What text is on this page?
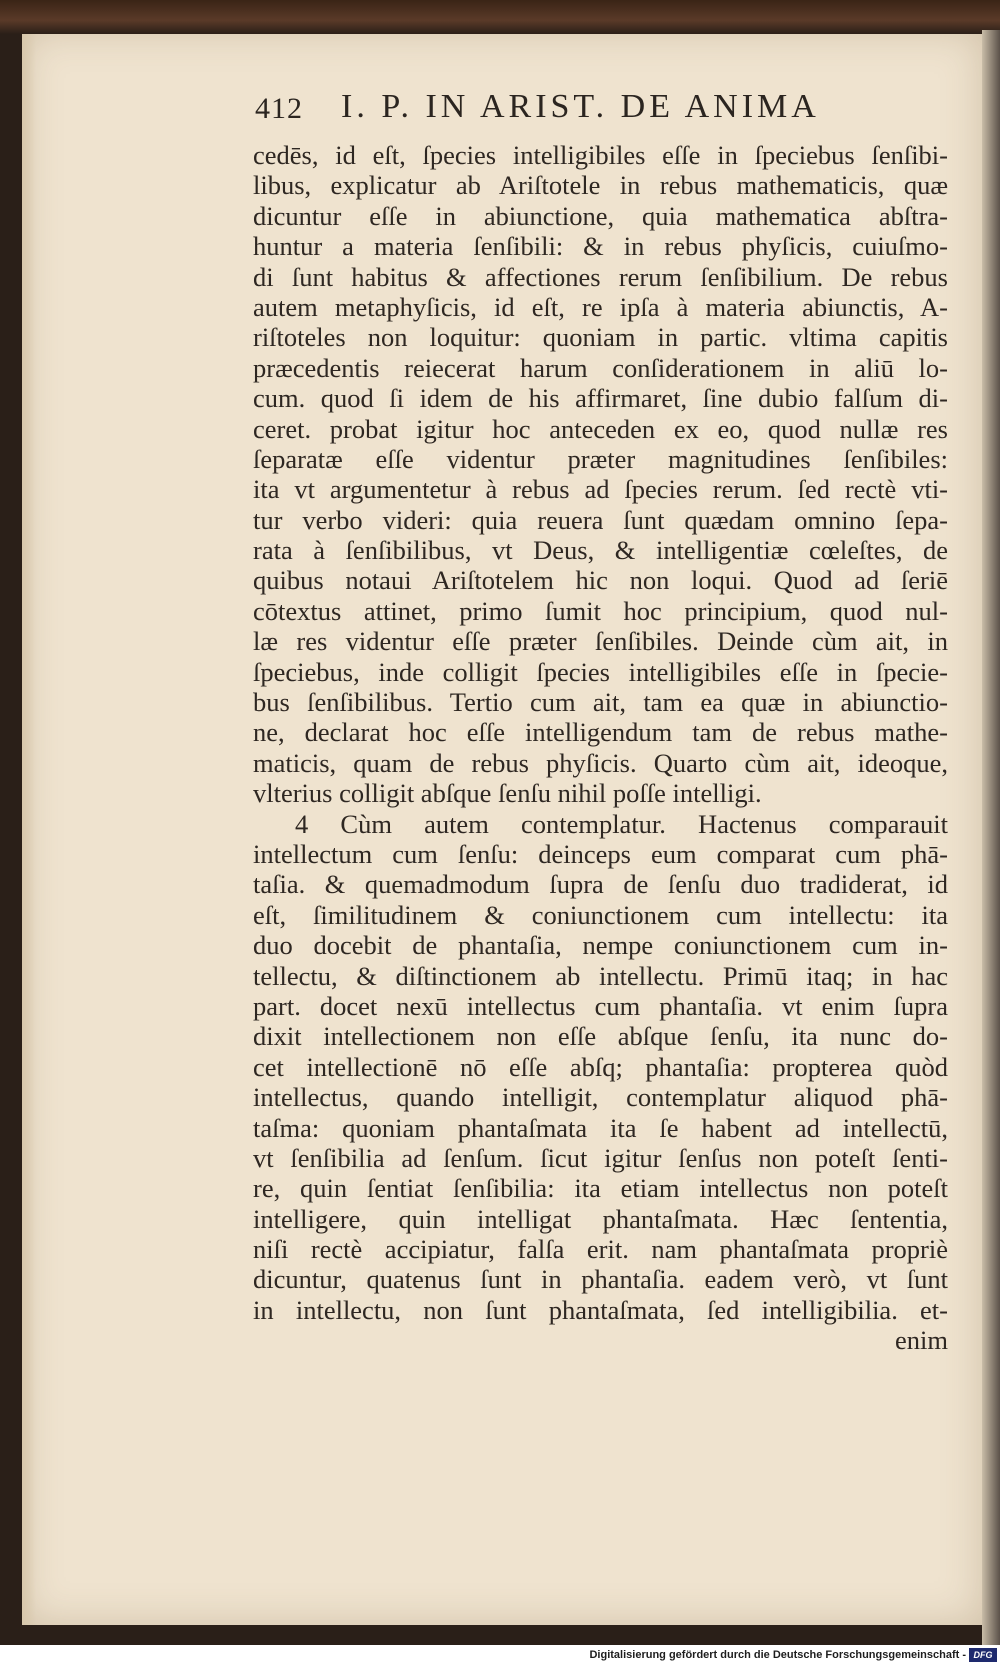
412 I. P. IN ARIST. DE ANIMA
cedēs, id eſt, ſpecies intelligibiles eſſe in ſpeciebus ſenſibi-
libus, explicatur ab Ariſtotele in rebus mathematicis, quæ
dicuntur eſſe in abiunctione, quia mathematica abſtra-
huntur a materia ſenſibili: & in rebus phyſicis, cuiuſmo-
di ſunt habitus & affectiones rerum ſenſibilium. De rebus
autem metaphyſicis, id eſt, re ipſa à materia abiunctis, A-
riſtoteles non loquitur: quoniam in partic. vltima capitis
præcedentis reiecerat harum conſiderationem in aliū lo-
cum. quod ſi idem de his affirmaret, ſine dubio falſum di-
ceret. probat igitur hoc anteceden ex eo, quod nullæ res
ſeparatæ eſſe videntur præter magnitudines ſenſibiles:
ita vt argumentetur à rebus ad ſpecies rerum. ſed rectè vti-
tur verbo videri: quia reuera ſunt quædam omnino ſepa-
rata à ſenſibilibus, vt Deus, & intelligentiæ cœleſtes, de
quibus notaui Ariſtotelem hic non loqui. Quod ad ſeriē
cōtextus attinet, primo ſumit hoc principium, quod nul-
læ res videntur eſſe præter ſenſibiles. Deinde cùm ait, in
ſpeciebus, inde colligit ſpecies intelligibiles eſſe in ſpecie-
bus ſenſibilibus. Tertio cum ait, tam ea quæ in abiunctio-
ne, declarat hoc eſſe intelligendum tam de rebus mathe-
maticis, quam de rebus phyſicis. Quarto cùm ait, ideoque,
vlterius colligit abſque ſenſu nihil poſſe intelligi.
4 Cùm autem contemplatur. Hactenus comparauit
intellectum cum ſenſu: deinceps eum comparat cum phā-
taſia. & quemadmodum ſupra de ſenſu duo tradiderat, id
eſt, ſimilitudinem & coniunctionem cum intellectu: ita
duo docebit de phantaſia, nempe coniunctionem cum in-
tellectu, & diſtinctionem ab intellectu. Primū itaq; in hac
part. docet nexū intellectus cum phantaſia. vt enim ſupra
dixit intellectionem non eſſe abſque ſenſu, ita nunc do-
cet intellectionē nō eſſe abſq; phantaſia: propterea quòd
intellectus, quando intelligit, contemplatur aliquod phā-
taſma: quoniam phantaſmata ita ſe habent ad intellectū,
vt ſenſibilia ad ſenſum. ſicut igitur ſenſus non poteſt ſenti-
re, quin ſentiat ſenſibilia: ita etiam intellectus non poteſt
intelligere, quin intelligat phantaſmata. Hæc ſententia,
niſi rectè accipiatur, falſa erit. nam phantaſmata propriè
dicuntur, quatenus ſunt in phantaſia. eadem verò, vt ſunt
in intellectu, non ſunt phantaſmata, ſed intelligibilia. et-
enim
Digitalisierung gefördert durch die Deutsche Forschungsgemeinschaft - DFG
